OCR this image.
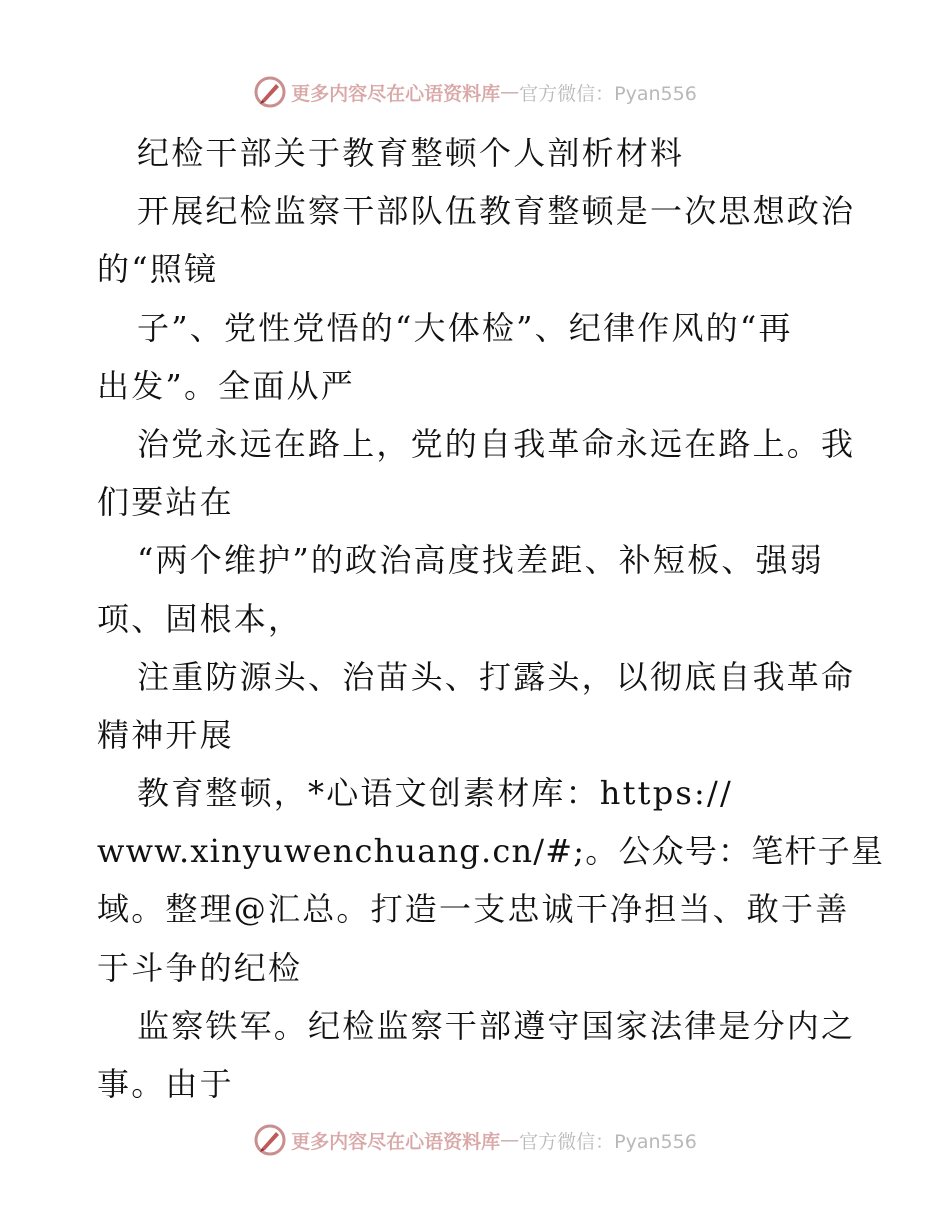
更多内容尽在心语资料库 — 官方微信：Pyan556
纪检干部关于教育整顿个人剖析材料
开展纪检监察干部队伍教育整顿是一次思想政治
的“照镜
子”、党性党悟的“大体检”、纪律作风的“再
出发”。全面从严
治党永远在路上，党的自我革命永远在路上。我
们要站在
“两个维护”的政治高度找差距、补短板、强弱
项、固根本，
注重防源头、治苗头、打露头，以彻底自我革命
精神开展
教育整顿，*心语文创素材库：https://
www.xinyuwenchuang.cn/#;。公众号：笔杆子星
域。整理@汇总。打造一支忠诚干净担当、敢于善
于斗争的纪检
监察铁军。纪检监察干部遵守国家法律是分内之
事。由于
更多内容尽在心语资料库 — 官方微信：Pyan556
